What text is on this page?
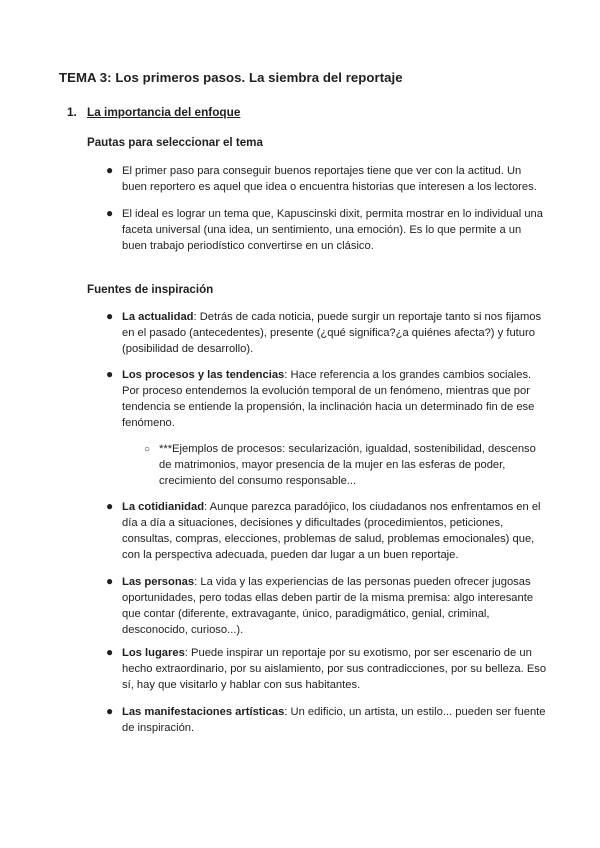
TEMA 3: Los primeros pasos. La siembra del reportaje
1. La importancia del enfoque
Pautas para seleccionar el tema
● El primer paso para conseguir buenos reportajes tiene que ver con la actitud. Un buen reportero es aquel que idea o encuentra historias que interesen a los lectores.
● El ideal es lograr un tema que, Kapuscinski dixit, permita mostrar en lo individual una faceta universal (una idea, un sentimiento, una emoción). Es lo que permite a un buen trabajo periodístico convertirse en un clásico.
Fuentes de inspiración
● La actualidad: Detrás de cada noticia, puede surgir un reportaje tanto si nos fijamos en el pasado (antecedentes), presente (¿qué significa?¿a quiénes afecta?) y futuro (posibilidad de desarrollo).
● Los procesos y las tendencias: Hace referencia a los grandes cambios sociales. Por proceso entendemos la evolución temporal de un fenómeno, mientras que por tendencia se entiende la propensión, la inclinación hacia un determinado fin de ese fenómeno.
○ ***Ejemplos de procesos: secularización, igualdad, sostenibilidad, descenso de matrimonios, mayor presencia de la mujer en las esferas de poder, crecimiento del consumo responsable...
● La cotidianidad: Aunque parezca paradójico, los ciudadanos nos enfrentamos en el día a día a situaciones, decisiones y dificultades (procedimientos, peticiones, consultas, compras, elecciones, problemas de salud, problemas emocionales) que, con la perspectiva adecuada, pueden dar lugar a un buen reportaje.
● Las personas: La vida y las experiencias de las personas pueden ofrecer jugosas oportunidades, pero todas ellas deben partir de la misma premisa: algo interesante que contar (diferente, extravagante, único, paradigmático, genial, criminal, desconocido, curioso...).
● Los lugares: Puede inspirar un reportaje por su exotismo, por ser escenario de un hecho extraordinario, por su aislamiento, por sus contradicciones, por su belleza. Eso sí, hay que visitarlo y hablar con sus habitantes.
● Las manifestaciones artísticas: Un edificio, un artista, un estilo... pueden ser fuente de inspiración.
